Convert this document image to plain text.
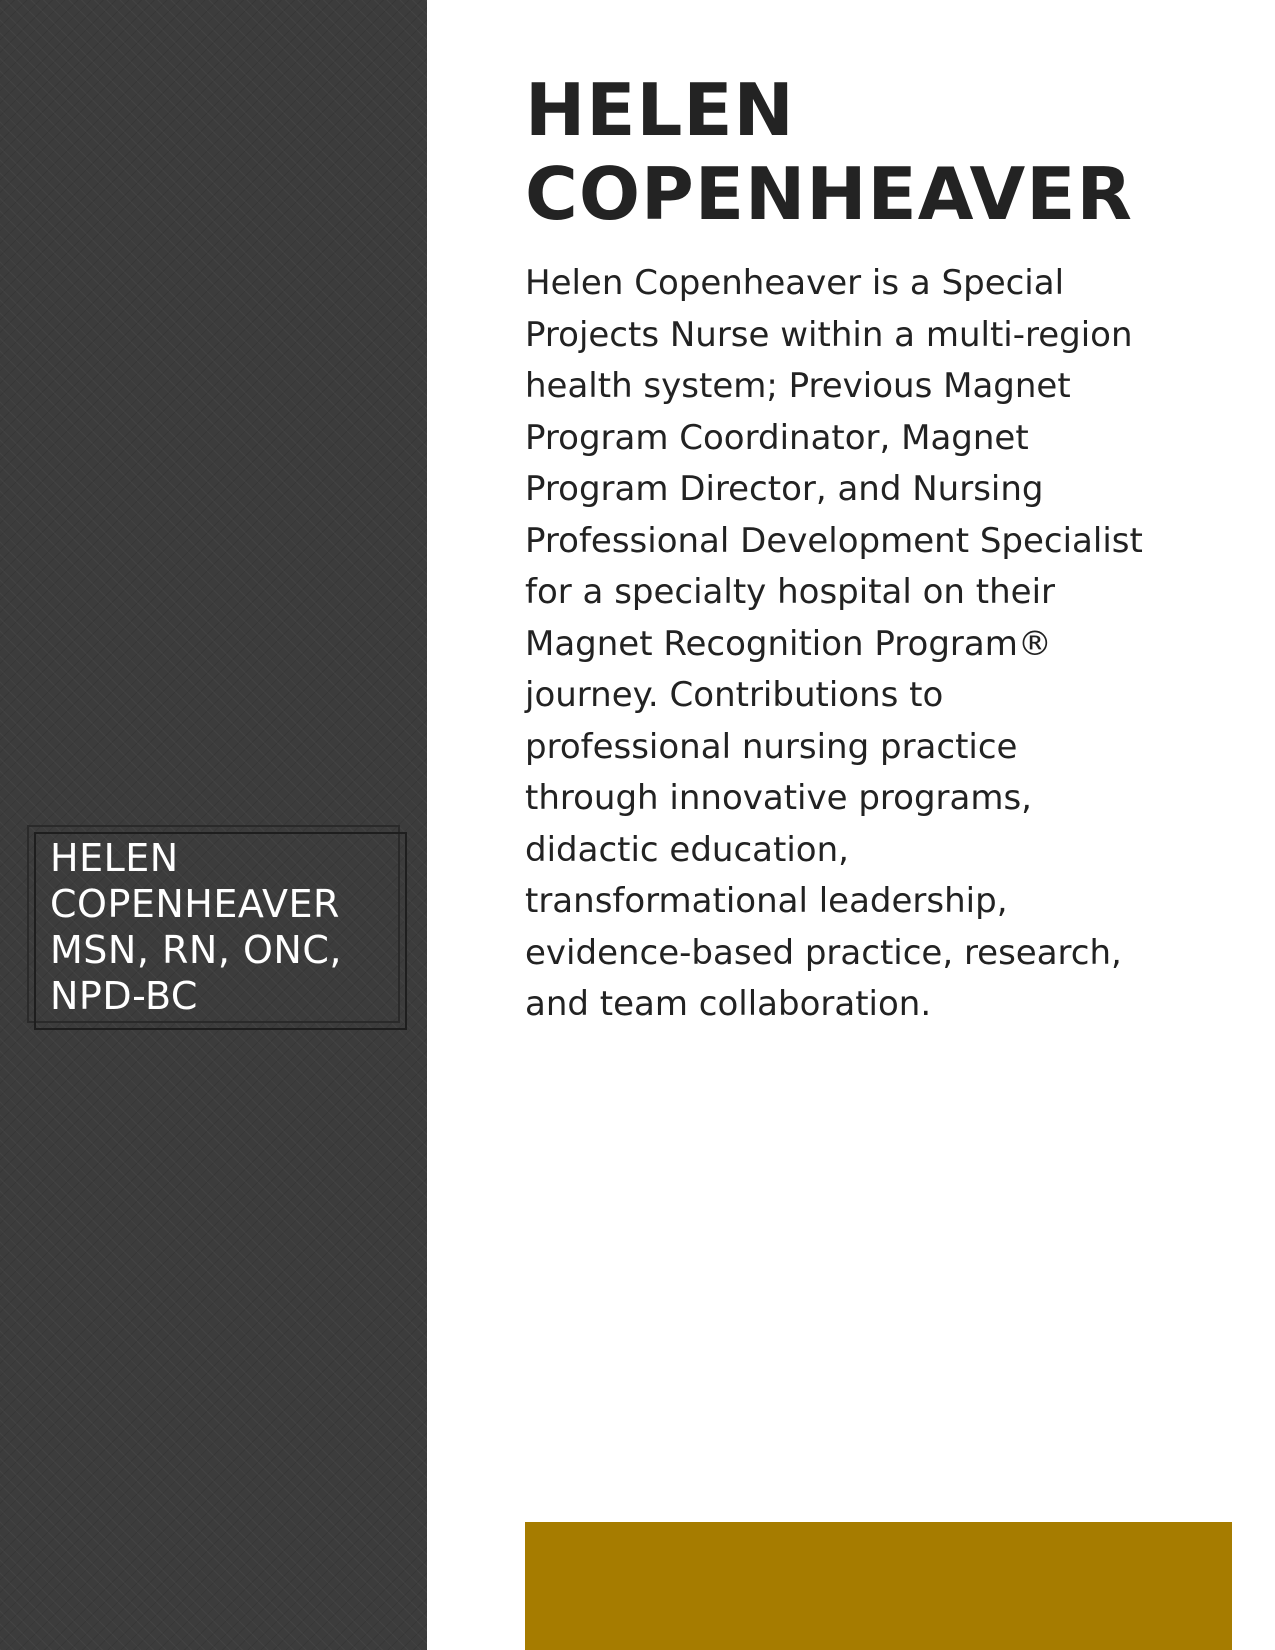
HELEN
COPENHEAVER
MSN, RN, ONC,
NPD-BC
HELEN
COPENHEAVER

Helen Copenheaver is a Special
Projects Nurse within a multi-region
health system; Previous Magnet
Program Coordinator, Magnet
Program Director, and Nursing
Professional Development Specialist
for a specialty hospital on their
Magnet Recognition Program®
journey. Contributions to
professional nursing practice
through innovative programs,
didactic education,
transformational leadership,
evidence-based practice, research,
and team collaboration.
